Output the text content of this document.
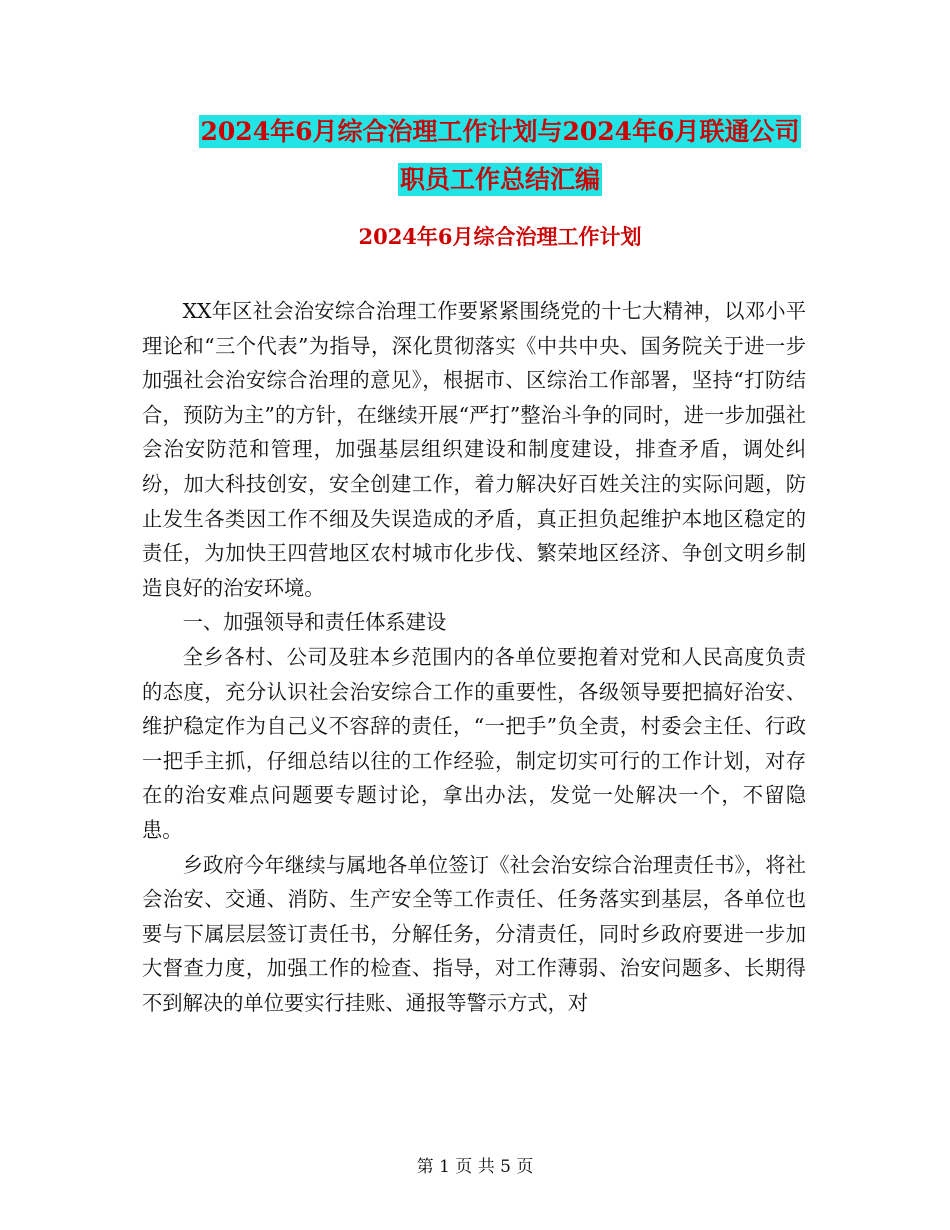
2024年6月综合治理工作计划与2024年6月联通公司
职员工作总结汇编
2024年6月综合治理工作计划

XX年区社会治安综合治理工作要紧紧围绕党的十七大精神，以邓小平理论和“三个代表”为指导，深化贯彻落实《中共中央、国务院关于进一步加强社会治安综合治理的意见》，根据市、区综治工作部署，坚持“打防结合，预防为主”的方针，在继续开展“严打”整治斗争的同时，进一步加强社会治安防范和管理，加强基层组织建设和制度建设，排查矛盾，调处纠纷，加大科技创安，安全创建工作，着力解决好百姓关注的实际问题，防止发生各类因工作不细及失误造成的矛盾，真正担负起维护本地区稳定的责任，为加快王四营地区农村城市化步伐、繁荣地区经济、争创文明乡制造良好的治安环境。

一、加强领导和责任体系建设

全乡各村、公司及驻本乡范围内的各单位要抱着对党和人民高度负责的态度，充分认识社会治安综合工作的重要性，各级领导要把搞好治安、维护稳定作为自己义不容辞的责任，“一把手”负全责，村委会主任、行政一把手主抓，仔细总结以往的工作经验，制定切实可行的工作计划，对存在的治安难点问题要专题讨论，拿出办法，发觉一处解决一个，不留隐患。

乡政府今年继续与属地各单位签订《社会治安综合治理责任书》，将社会治安、交通、消防、生产安全等工作责任、任务落实到基层，各单位也要与下属层层签订责任书，分解任务，分清责任，同时乡政府要进一步加大督查力度，加强工作的检查、指导，对工作薄弱、治安问题多、长期得不到解决的单位要实行挂账、通报等警示方式，对

第 1 页 共 5 页
